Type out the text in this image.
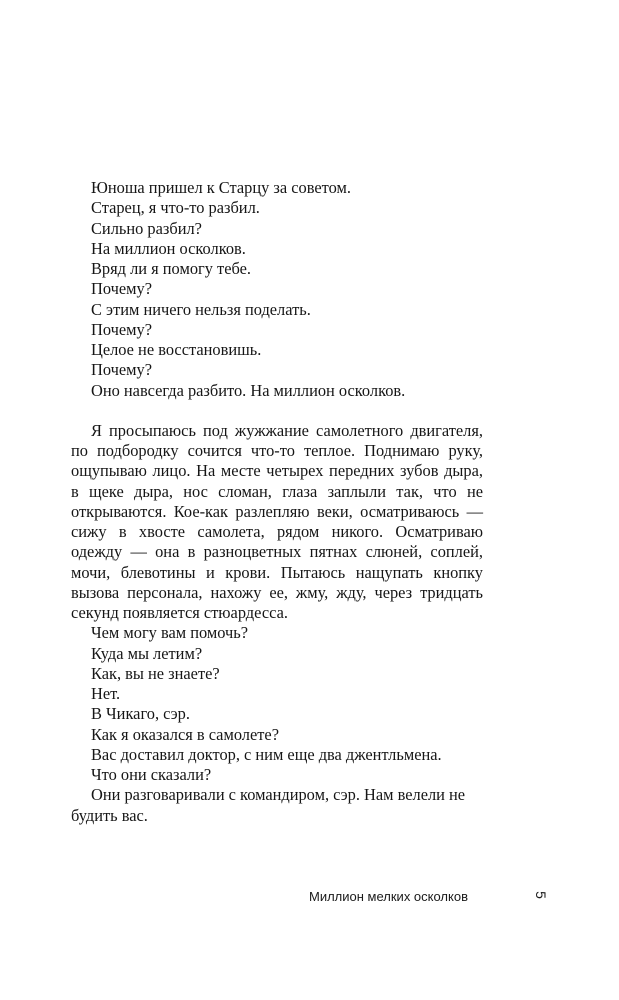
Юноша пришел к Старцу за советом.

Старец, я что-то разбил.

Сильно разбил?

На миллион осколков.

Вряд ли я помогу тебе.

Почему?

С этим ничего нельзя поделать.

Почему?

Целое не восстановишь.

Почему?

Оно навсегда разбито. На миллион осколков.

Я просыпаюсь под жужжание самолетного двигателя, по подбородку сочится что-то теплое. Поднимаю руку, ощупываю лицо. На месте четырех передних зубов дыра, в щеке дыра, нос сломан, глаза заплыли так, что не открываются. Кое-как разлепляю веки, осматриваюсь — сижу в хвосте самолета, рядом никого. Осматриваю одежду — она в разноцветных пятнах слюней, соплей, мочи, блевотины и крови. Пытаюсь нащупать кнопку вызова персонала, нахожу ее, жму, жду, через тридцать секунд появляется стюардесса.

Чем могу вам помочь?

Куда мы летим?

Как, вы не знаете?

Нет.

В Чикаго, сэр.

Как я оказался в самолете?

Вас доставил доктор, с ним еще два джентльмена.

Что они сказали?

Они разговаривали с командиром, сэр. Нам велели не будить вас.

Миллион мелких осколков	5
